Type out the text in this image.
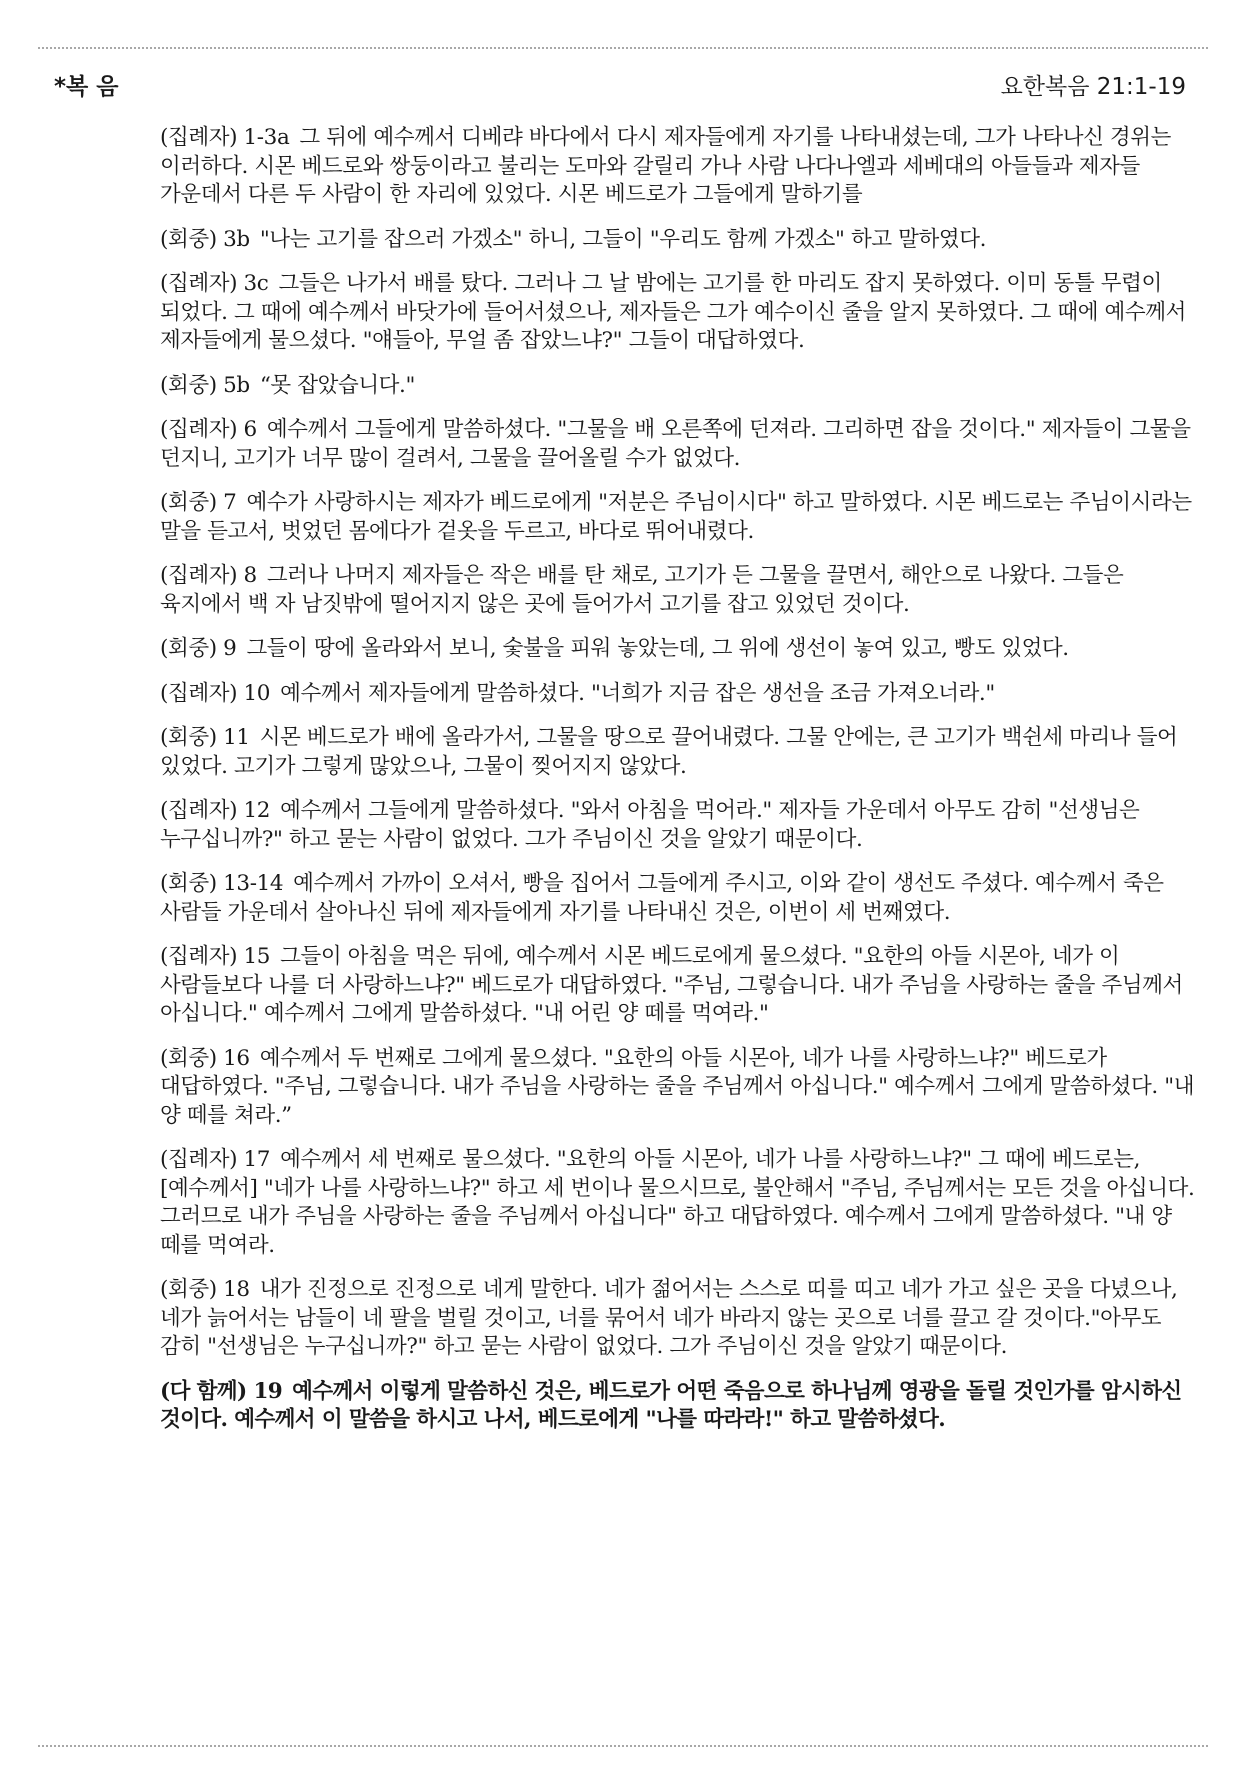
*복 음	요한복음 21:1-19

(집례자) 1-3a 그 뒤에 예수께서 디베랴 바다에서 다시 제자들에게 자기를 나타내셨는데, 그가 나타나신 경위는 이러하다. 시몬 베드로와 쌍둥이라고 불리는 도마와 갈릴리 가나 사람 나다나엘과 세베대의 아들들과 제자들 가운데서 다른 두 사람이 한 자리에 있었다. 시몬 베드로가 그들에게 말하기를

(회중) 3b "나는 고기를 잡으러 가겠소" 하니, 그들이 "우리도 함께 가겠소" 하고 말하였다.

(집례자) 3c 그들은 나가서 배를 탔다. 그러나 그 날 밤에는 고기를 한 마리도 잡지 못하였다. 이미 동틀 무렵이 되었다. 그 때에 예수께서 바닷가에 들어서셨으나, 제자들은 그가 예수이신 줄을 알지 못하였다. 그 때에 예수께서 제자들에게 물으셨다. "얘들아, 무얼 좀 잡았느냐?" 그들이 대답하였다.

(회중) 5b “못 잡았습니다."

(집례자) 6 예수께서 그들에게 말씀하셨다. "그물을 배 오른쪽에 던져라. 그리하면 잡을 것이다." 제자들이 그물을 던지니, 고기가 너무 많이 걸려서, 그물을 끌어올릴 수가 없었다.

(회중) 7 예수가 사랑하시는 제자가 베드로에게 "저분은 주님이시다" 하고 말하였다. 시몬 베드로는 주님이시라는 말을 듣고서, 벗었던 몸에다가 겉옷을 두르고, 바다로 뛰어내렸다.

(집례자) 8 그러나 나머지 제자들은 작은 배를 탄 채로, 고기가 든 그물을 끌면서, 해안으로 나왔다. 그들은 육지에서 백 자 남짓밖에 떨어지지 않은 곳에 들어가서 고기를 잡고 있었던 것이다.

(회중) 9 그들이 땅에 올라와서 보니, 숯불을 피워 놓았는데, 그 위에 생선이 놓여 있고, 빵도 있었다.

(집례자) 10 예수께서 제자들에게 말씀하셨다. "너희가 지금 잡은 생선을 조금 가져오너라."

(회중) 11 시몬 베드로가 배에 올라가서, 그물을 땅으로 끌어내렸다. 그물 안에는, 큰 고기가 백쉰세 마리나 들어 있었다. 고기가 그렇게 많았으나, 그물이 찢어지지 않았다.

(집례자) 12 예수께서 그들에게 말씀하셨다. "와서 아침을 먹어라." 제자들 가운데서 아무도 감히 "선생님은 누구십니까?" 하고 묻는 사람이 없었다. 그가 주님이신 것을 알았기 때문이다.

(회중) 13-14 예수께서 가까이 오셔서, 빵을 집어서 그들에게 주시고, 이와 같이 생선도 주셨다. 예수께서 죽은 사람들 가운데서 살아나신 뒤에 제자들에게 자기를 나타내신 것은, 이번이 세 번째였다.

(집례자) 15 그들이 아침을 먹은 뒤에, 예수께서 시몬 베드로에게 물으셨다. "요한의 아들 시몬아, 네가 이 사람들보다 나를 더 사랑하느냐?" 베드로가 대답하였다. "주님, 그렇습니다. 내가 주님을 사랑하는 줄을 주님께서 아십니다." 예수께서 그에게 말씀하셨다. "내 어린 양 떼를 먹여라."

(회중) 16 예수께서 두 번째로 그에게 물으셨다. "요한의 아들 시몬아, 네가 나를 사랑하느냐?" 베드로가 대답하였다. "주님, 그렇습니다. 내가 주님을 사랑하는 줄을 주님께서 아십니다." 예수께서 그에게 말씀하셨다. "내 양 떼를 쳐라.”

(집례자) 17 예수께서 세 번째로 물으셨다. "요한의 아들 시몬아, 네가 나를 사랑하느냐?" 그 때에 베드로는, [예수께서] "네가 나를 사랑하느냐?" 하고 세 번이나 물으시므로, 불안해서 "주님, 주님께서는 모든 것을 아십니다. 그러므로 내가 주님을 사랑하는 줄을 주님께서 아십니다" 하고 대답하였다. 예수께서 그에게 말씀하셨다. "내 양 떼를 먹여라.

(회중) 18 내가 진정으로 진정으로 네게 말한다. 네가 젊어서는 스스로 띠를 띠고 네가 가고 싶은 곳을 다녔으나, 네가 늙어서는 남들이 네 팔을 벌릴 것이고, 너를 묶어서 네가 바라지 않는 곳으로 너를 끌고 갈 것이다."아무도 감히 "선생님은 누구십니까?" 하고 묻는 사람이 없었다. 그가 주님이신 것을 알았기 때문이다.

(다 함께) 19 예수께서 이렇게 말씀하신 것은, 베드로가 어떤 죽음으로 하나님께 영광을 돌릴 것인가를 암시하신 것이다. 예수께서 이 말씀을 하시고 나서, 베드로에게 "나를 따라라!" 하고 말씀하셨다.
